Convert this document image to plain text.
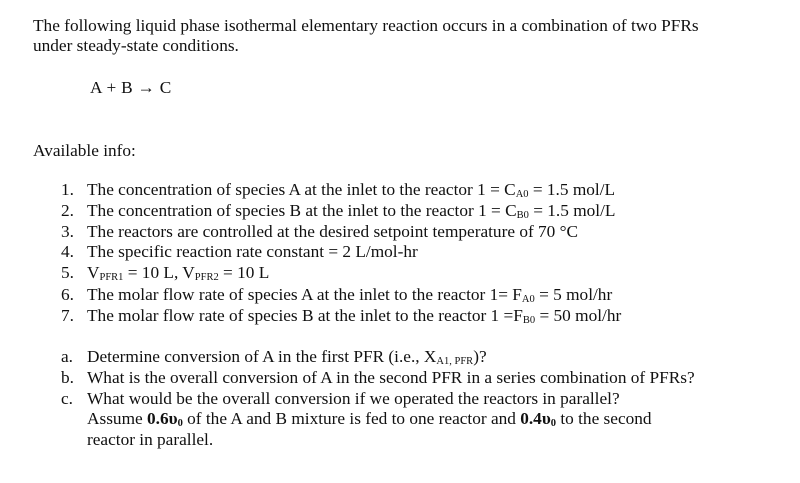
The following liquid phase isothermal elementary reaction occurs in a combination of two PFRs
under steady-state conditions.
A + B → C
Available info:
1. The concentration of species A at the inlet to the reactor 1 = CA0 = 1.5 mol/L
2. The concentration of species B at the inlet to the reactor 1 = CB0 = 1.5 mol/L
3. The reactors are controlled at the desired setpoint temperature of 70 °C
4. The specific reaction rate constant = 2 L/mol-hr
5. VPFR1 = 10 L, VPFR2 = 10 L
6. The molar flow rate of species A at the inlet to the reactor 1= FA0 = 5 mol/hr
7. The molar flow rate of species B at the inlet to the reactor 1 =FB0 = 50 mol/hr
a. Determine conversion of A in the first PFR (i.e., XA1, PFR)?
b. What is the overall conversion of A in the second PFR in a series combination of PFRs?
c. What would be the overall conversion if we operated the reactors in parallel?
Assume 0.6υ0 of the A and B mixture is fed to one reactor and 0.4υ0 to the second
reactor in parallel.
